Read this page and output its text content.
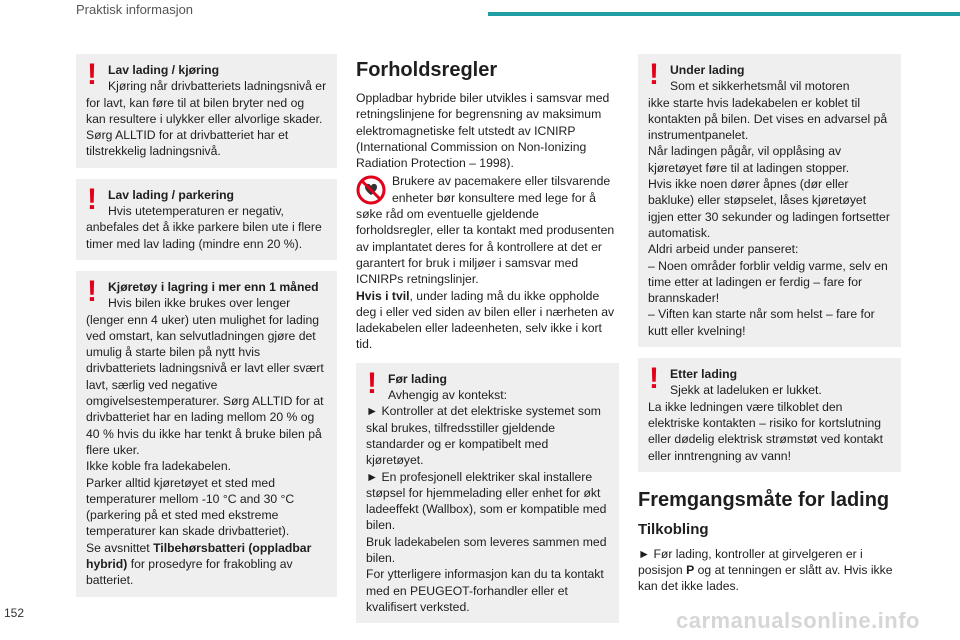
Praktisk informasjon
! Lav lading / kjøring

Kjøring når drivbatteriets ladningsnivå er

for lavt, kan føre til at bilen bryter ned og kan resultere i ulykker eller alvorlige skader. Sørg ALLTID for at drivbatteriet har et tilstrekkelig ladningsnivå.

! Lav lading / parkering

Hvis utetemperaturen er negativ,

anbefales det å ikke parkere bilen ute i flere timer med lav lading (mindre enn 20 %).

! Kjøretøy i lagring i mer enn 1 måned

Hvis bilen ikke brukes over lenger

(lenger enn 4 uker) uten mulighet for lading ved omstart, kan selvutladningen gjøre det umulig å starte bilen på nytt hvis drivbatteriets ladningsnivå er lavt eller svært lavt, særlig ved negative omgivelsestemperaturer. Sørg ALLTID for at drivbatteriet har en lading mellom 20 % og 40 % hvis du ikke har tenkt å bruke bilen på flere uker.

Ikke koble fra ladekabelen.

Parker alltid kjøretøyet et sted med temperaturer mellom -10 °C and 30 °C (parkering på et sted med ekstreme temperaturer kan skade drivbatteriet).

Se avsnittet Tilbehørsbatteri (oppladbar hybrid) for prosedyre for frakobling av batteriet.

Forholdsregler

Oppladbar hybride biler utvikles i samsvar med retningslinjene for begrensning av maksimum elektromagnetiske felt utstedt av ICNIRP (International Commission on Non-Ionizing Radiation Protection – 1998).

Brukere av pacemakere eller tilsvarende enheter bør konsultere med lege for å søke råd om eventuelle gjeldende forholdsregler, eller ta kontakt med produsenten av implantatet deres for å kontrollere at det er garantert for bruk i miljøer i samsvar med ICNIRPs retningslinjer.

Hvis i tvil, under lading må du ikke oppholde deg i eller ved siden av bilen eller i nærheten av ladekabelen eller ladeenheten, selv ikke i kort tid.

! Før lading

Avhengig av kontekst:

► Kontroller at det elektriske systemet som skal brukes, tilfredsstiller gjeldende standarder og er kompatibelt med kjøretøyet.

► En profesjonell elektriker skal installere støpsel for hjemmelading eller enhet for økt ladeeffekt (Wallbox), som er kompatible med bilen.

Bruk ladekabelen som leveres sammen med bilen.

For ytterligere informasjon kan du ta kontakt med en PEUGEOT-forhandler eller et kvalifisert verksted.

! Under lading

Som et sikkerhetsmål vil motoren

ikke starte hvis ladekabelen er koblet til kontakten på bilen. Det vises en advarsel på instrumentpanelet.

Når ladingen pågår, vil opplåsing av kjøretøyet føre til at ladingen stopper.

Hvis ikke noen dører åpnes (dør eller bakluke) eller støpselet, låses kjøretøyet igjen etter 30 sekunder og ladingen fortsetter automatisk.

Aldri arbeid under panseret:

– Noen områder forblir veldig varme, selv en time etter at ladingen er ferdig – fare for brannskader!

– Viften kan starte når som helst – fare for kutt eller kvelning!

! Etter lading

Sjekk at ladeluken er lukket.

La ikke ledningen være tilkoblet den elektriske kontakten – risiko for kortslutning eller dødelig elektrisk strømstøt ved kontakt eller inntrengning av vann!

Fremgangsmåte for lading
Tilkobling

► Før lading, kontroller at girvelgeren er i posisjon P og at tenningen er slått av. Hvis ikke kan det ikke lades.

152	carmanualsonline.info
